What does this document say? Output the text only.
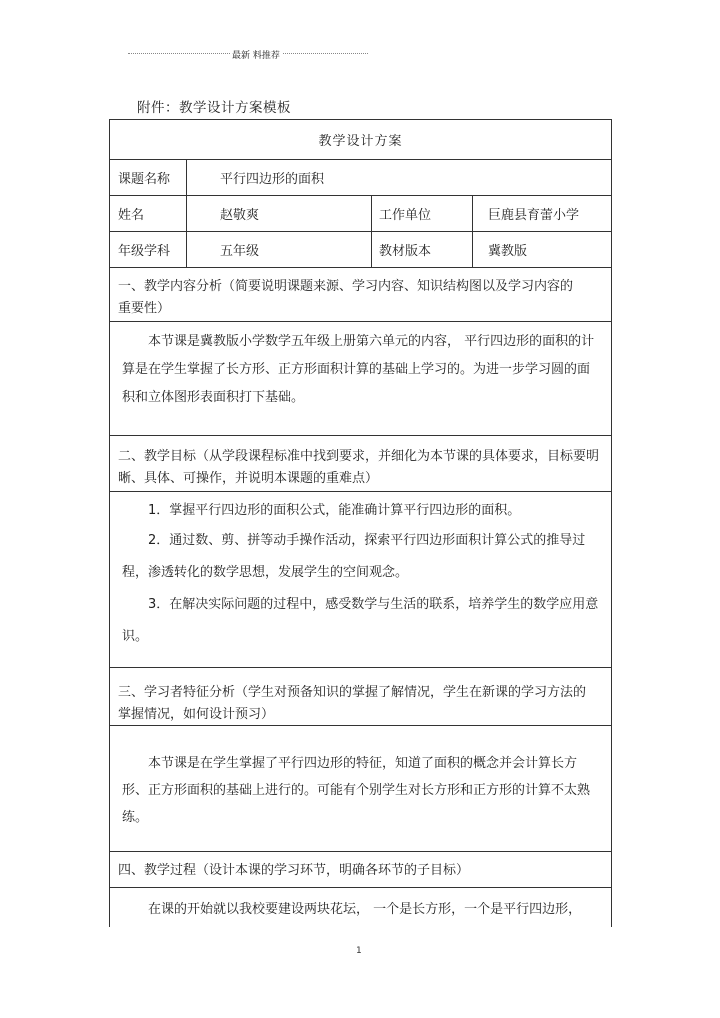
最新 料推荐
附件：教学设计方案模板
教学设计方案
课题名称	平行四边形的面积
姓名	赵敬爽	工作单位	巨鹿县育蕾小学
年级学科	五年级	教材版本	冀教版
一、教学内容分析（简要说明课题来源、学习内容、知识结构图以及学习内容的重要性）
本节课是冀教版小学数学五年级上册第六单元的内容， 平行四边形的面积的计算是在学生掌握了长方形、正方形面积计算的基础上学习的。为进一步学习圆的面积和立体图形表面积打下基础。
二、教学目标（从学段课程标准中找到要求，并细化为本节课的具体要求，目标要明晰、具体、可操作，并说明本课题的重难点）
1．掌握平行四边形的面积公式，能准确计算平行四边形的面积。
2．通过数、剪、拼等动手操作活动，探索平行四边形面积计算公式的推导过程，渗透转化的数学思想，发展学生的空间观念。
3．在解决实际问题的过程中，感受数学与生活的联系，培养学生的数学应用意识。
三、学习者特征分析（学生对预备知识的掌握了解情况，学生在新课的学习方法的掌握情况，如何设计预习）
本节课是在学生掌握了平行四边形的特征，知道了面积的概念并会计算长方形、正方形面积的基础上进行的。可能有个别学生对长方形和正方形的计算不太熟练。
四、教学过程（设计本课的学习环节，明确各环节的子目标）
在课的开始就以我校要建设两块花坛， 一个是长方形，一个是平行四边形，
1
